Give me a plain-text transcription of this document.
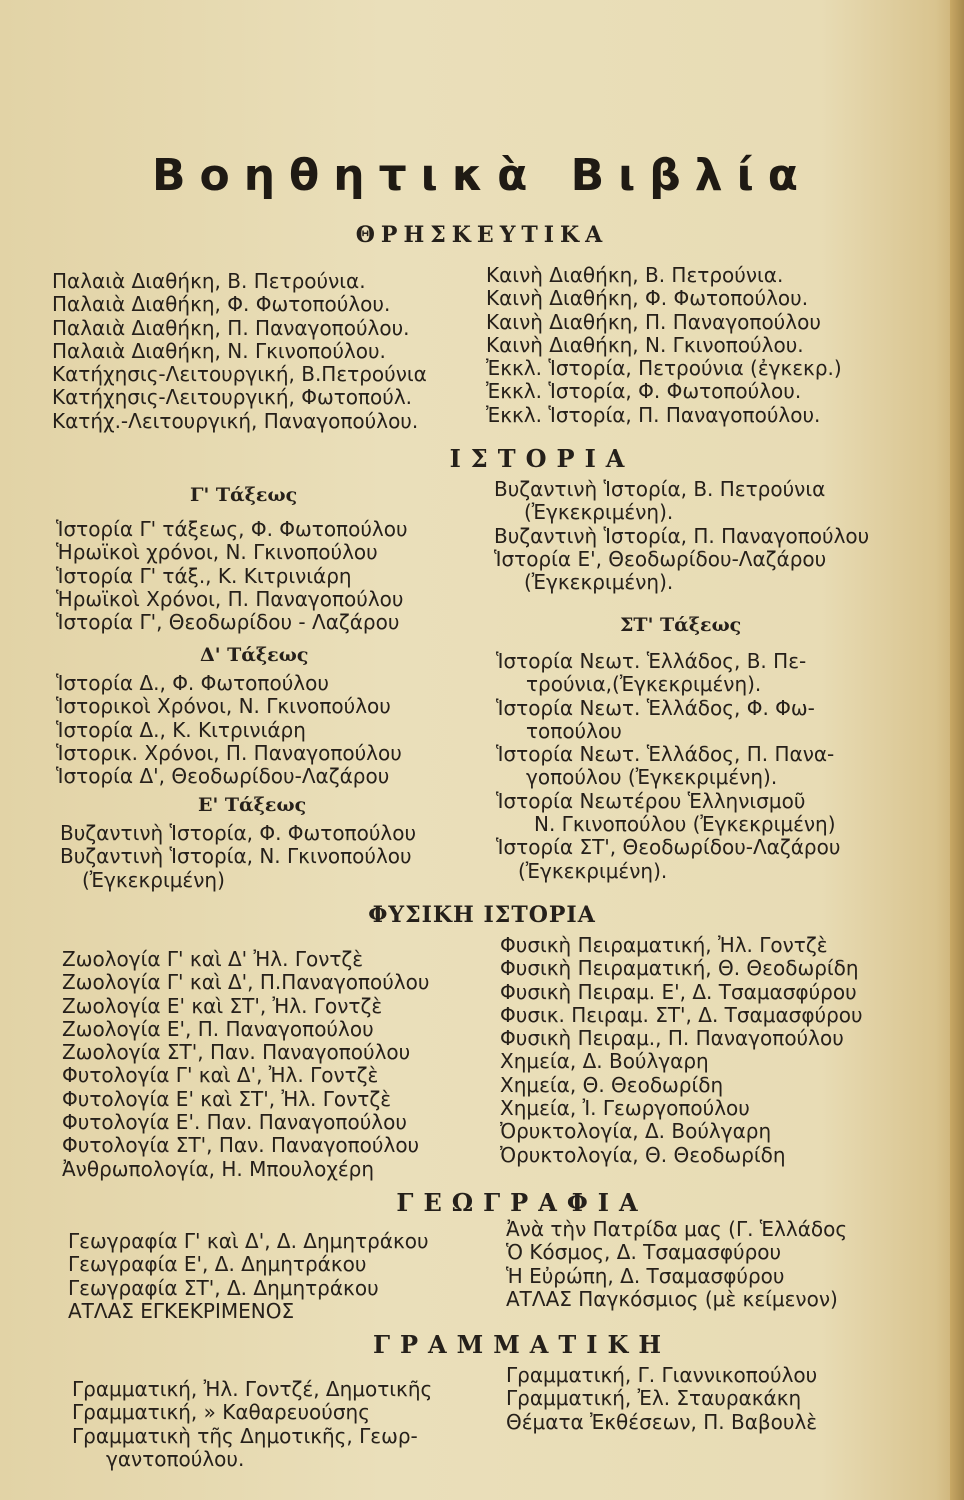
Βοηθητικὰ Βιβλία
ΘΡΗΣΚΕΥΤΙΚΑ
Παλαιὰ Διαθήκη, Β. Πετρούνια.
Παλαιὰ Διαθήκη, Φ. Φωτοπούλου.
Παλαιὰ Διαθήκη, Π. Παναγοπούλου.
Παλαιὰ Διαθήκη, Ν. Γκινοπούλου.
Κατήχησις-Λειτουργική, Β.Πετρούνια
Κατήχησις-Λειτουργική, Φωτοπούλ.
Κατήχ.-Λειτουργική, Παναγοπούλου.
Καινὴ Διαθήκη, Β. Πετρούνια.
Καινὴ Διαθήκη, Φ. Φωτοπούλου.
Καινὴ Διαθήκη, Π. Παναγοπούλου
Καινὴ Διαθήκη, Ν. Γκινοπούλου.
Ἐκκλ. Ἱστορία, Πετρούνια (ἐγκεκρ.)
Ἐκκλ. Ἱστορία, Φ. Φωτοπούλου.
Ἐκκλ. Ἱστορία, Π. Παναγοπούλου.
ΙΣΤΟΡΙΑ
Γ' Τάξεως
Ἱστορία Γ' τάξεως, Φ. Φωτοπούλου
Ἡρωϊκοὶ χρόνοι, Ν. Γκινοπούλου
Ἱστορία Γ' τάξ., Κ. Κιτρινιάρη
Ἡρωϊκοὶ Χρόνοι, Π. Παναγοπούλου
Ἱστορία Γ', Θεοδωρίδου - Λαζάρου
Δ' Τάξεως
Ἱστορία Δ., Φ. Φωτοπούλου
Ἱστορικοὶ Χρόνοι, Ν. Γκινοπούλου
Ἱστορία Δ., Κ. Κιτρινιάρη
Ἱστορικ. Χρόνοι, Π. Παναγοπούλου
Ἱστορία Δ', Θεοδωρίδου-Λαζάρου
Ε' Τάξεως
Βυζαντινὴ Ἱστορία, Φ. Φωτοπούλου
Βυζαντινὴ Ἱστορία, Ν. Γκινοπούλου
(Ἐγκεκριμένη)
Βυζαντινὴ Ἱστορία, Β. Πετρούνια
(Ἐγκεκριμένη).
Βυζαντινὴ Ἱστορία, Π. Παναγοπούλου
Ἱστορία Ε', Θεοδωρίδου-Λαζάρου
(Ἐγκεκριμένη).
ΣΤ' Τάξεως
Ἱστορία Νεωτ. Ἑλλάδος, Β. Πε-
τρούνια,(Ἐγκεκριμένη).
Ἱστορία Νεωτ. Ἑλλάδος, Φ. Φω-
τοπούλου
Ἱστορία Νεωτ. Ἑλλάδος, Π. Πανα-
γοπούλου (Ἐγκεκριμένη).
Ἱστορία Νεωτέρου Ἑλληνισμοῦ
Ν. Γκινοπούλου (Ἐγκεκριμένη)
Ἱστορία ΣΤ', Θεοδωρίδου-Λαζάρου
(Ἐγκεκριμένη).
ΦΥΣΙΚΗ ΙΣΤΟΡΙΑ
Ζωολογία Γ' καὶ Δ' Ἠλ. Γοντζὲ
Ζωολογία Γ' καὶ Δ', Π.Παναγοπούλου
Ζωολογία Ε' καὶ ΣΤ', Ἠλ. Γοντζὲ
Ζωολογία Ε', Π. Παναγοπούλου
Ζωολογία ΣΤ', Παν. Παναγοπούλου
Φυτολογία Γ' καὶ Δ', Ἠλ. Γοντζὲ
Φυτολογία Ε' καὶ ΣΤ', Ἠλ. Γοντζὲ
Φυτολογία Ε'. Παν. Παναγοπούλου
Φυτολογία ΣΤ', Παν. Παναγοπούλου
Ἀνθρωπολογία, Η. Μπουλοχέρη
Φυσικὴ Πειραματική, Ἠλ. Γοντζὲ
Φυσικὴ Πειραματική, Θ. Θεοδωρίδη
Φυσικὴ Πειραμ. Ε', Δ. Τσαμασφύρου
Φυσικ. Πειραμ. ΣΤ', Δ. Τσαμασφύρου
Φυσικὴ Πειραμ., Π. Παναγοπούλου
Χημεία, Δ. Βούλγαρη
Χημεία, Θ. Θεοδωρίδη
Χημεία, Ἰ. Γεωργοπούλου
Ὀρυκτολογία, Δ. Βούλγαρη
Ὀρυκτολογία, Θ. Θεοδωρίδη
ΓΕΩΓΡΑΦΙΑ
Γεωγραφία Γ' καὶ Δ', Δ. Δημητράκου
Γεωγραφία Ε', Δ. Δημητράκου
Γεωγραφία ΣΤ', Δ. Δημητράκου
ΑΤΛΑΣ ΕΓΚΕΚΡΙΜΕΝΟΣ
Ἀνὰ τὴν Πατρίδα μας (Γ. Ἑλλάδος
Ὁ Κόσμος, Δ. Τσαμασφύρου
Ἡ Εὐρώπη, Δ. Τσαμασφύρου
ΑΤΛΑΣ Παγκόσμιος (μὲ κείμενον)
ΓΡΑΜΜΑΤΙΚΗ
Γραμματική, Ἠλ. Γοντζέ, Δημοτικῆς
Γραμματική, » Καθαρευούσης
Γραμματικὴ τῆς Δημοτικῆς, Γεωρ-
γαντοπούλου.
Γραμματική, Γ. Γιαννικοπούλου
Γραμματική, Ἐλ. Σταυρακάκη
Θέματα Ἐκθέσεων, Π. Βαβουλὲ
